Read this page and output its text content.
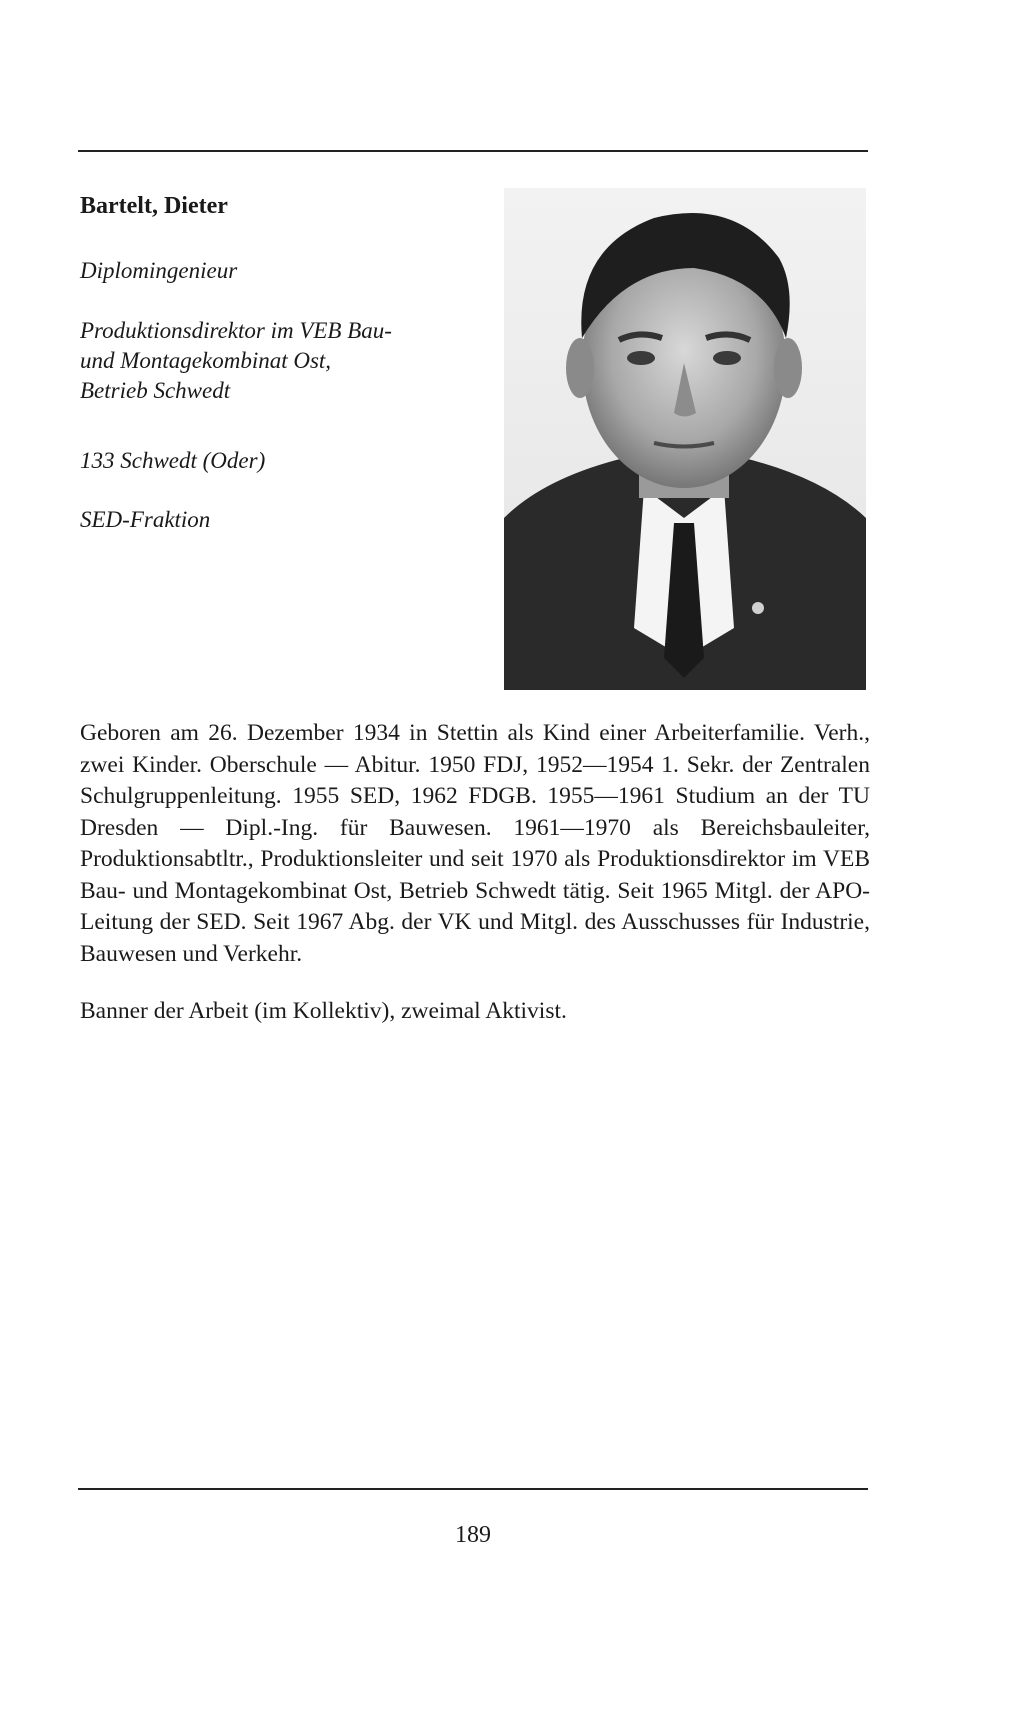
Bartelt, Dieter
Diplomingenieur
Produktionsdirektor im VEB Bau-
und Montagekombinat Ost,
Betrieb Schwedt
133 Schwedt (Oder)
SED-Fraktion

Geboren am 26. Dezember 1934 in Stettin als Kind einer Arbeiterfamilie. Verh., zwei Kinder. Oberschule — Abitur. 1950 FDJ, 1952—1954 1. Sekr. der Zentralen Schulgruppenleitung. 1955 SED, 1962 FDGB. 1955—1961 Studium an der TU Dresden — Dipl.-Ing. für Bauwesen. 1961—1970 als Bereichsbauleiter, Produktionsabtltr., Produktionsleiter und seit 1970 als Produktionsdirektor im VEB Bau- und Montagekombinat Ost, Betrieb Schwedt tätig. Seit 1965 Mitgl. der APO-Leitung der SED. Seit 1967 Abg. der VK und Mitgl. des Ausschusses für Industrie, Bauwesen und Verkehr.

Banner der Arbeit (im Kollektiv), zweimal Aktivist.
189
